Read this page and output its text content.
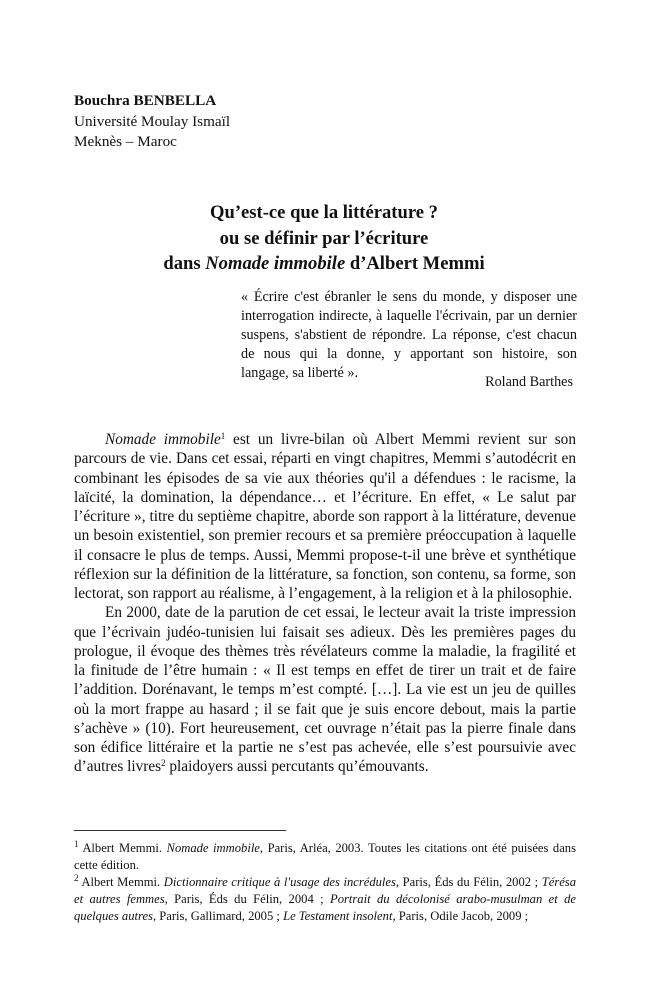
Bouchra BENBELLA
Université Moulay Ismaïl
Meknès – Maroc
Qu’est-ce que la littérature ?
ou se définir par l’écriture
dans Nomade immobile d’Albert Memmi
« Écrire c'est ébranler le sens du monde, y disposer une interrogation indirecte, à laquelle l'écrivain, par un dernier suspens, s'abstient de répondre. La réponse, c'est chacun de nous qui la donne, y apportant son histoire, son langage, sa liberté ».
Roland Barthes

Nomade immobile$^1$ est un livre-bilan où Albert Memmi revient sur son parcours de vie. Dans cet essai, réparti en vingt chapitres, Memmi s’autodécrit en combinant les épisodes de sa vie aux théories qu'il a défendues : le racisme, la laïcité, la domination, la dépendance… et l’écriture. En effet, « Le salut par l’écriture », titre du septième chapitre, aborde son rapport à la littérature, devenue un besoin existentiel, son premier recours et sa première préoccupation à laquelle il consacre le plus de temps. Aussi, Memmi propose-t-il une brève et synthétique réflexion sur la définition de la littérature, sa fonction, son contenu, sa forme, son lectorat, son rapport au réalisme, à l’engagement, à la religion et à la philosophie.

En 2000, date de la parution de cet essai, le lecteur avait la triste impression que l’écrivain judéo-tunisien lui faisait ses adieux. Dès les premières pages du prologue, il évoque des thèmes très révélateurs comme la maladie, la fragilité et la finitude de l’être humain : « Il est temps en effet de tirer un trait et de faire l’addition. Dorénavant, le temps m’est compté. […]. La vie est un jeu de quilles où la mort frappe au hasard ; il se fait que je suis encore debout, mais la partie s’achève » (10). Fort heureusement, cet ouvrage n’était pas la pierre finale dans son édifice littéraire et la partie ne s’est pas achevée, elle s’est poursuivie avec d’autres livres$^2$ plaidoyers aussi percutants qu’émouvants.

$^1$ Albert Memmi. Nomade immobile, Paris, Arléa, 2003. Toutes les citations ont été puisées dans cette édition.

$^2$ Albert Memmi. Dictionnaire critique à l'usage des incrédules, Paris, Éds du Félin, 2002 ; Térésa et autres femmes, Paris, Éds du Félin, 2004 ; Portrait du décolonisé arabo-musulman et de quelques autres, Paris, Gallimard, 2005 ; Le Testament insolent, Paris, Odile Jacob, 2009 ;
